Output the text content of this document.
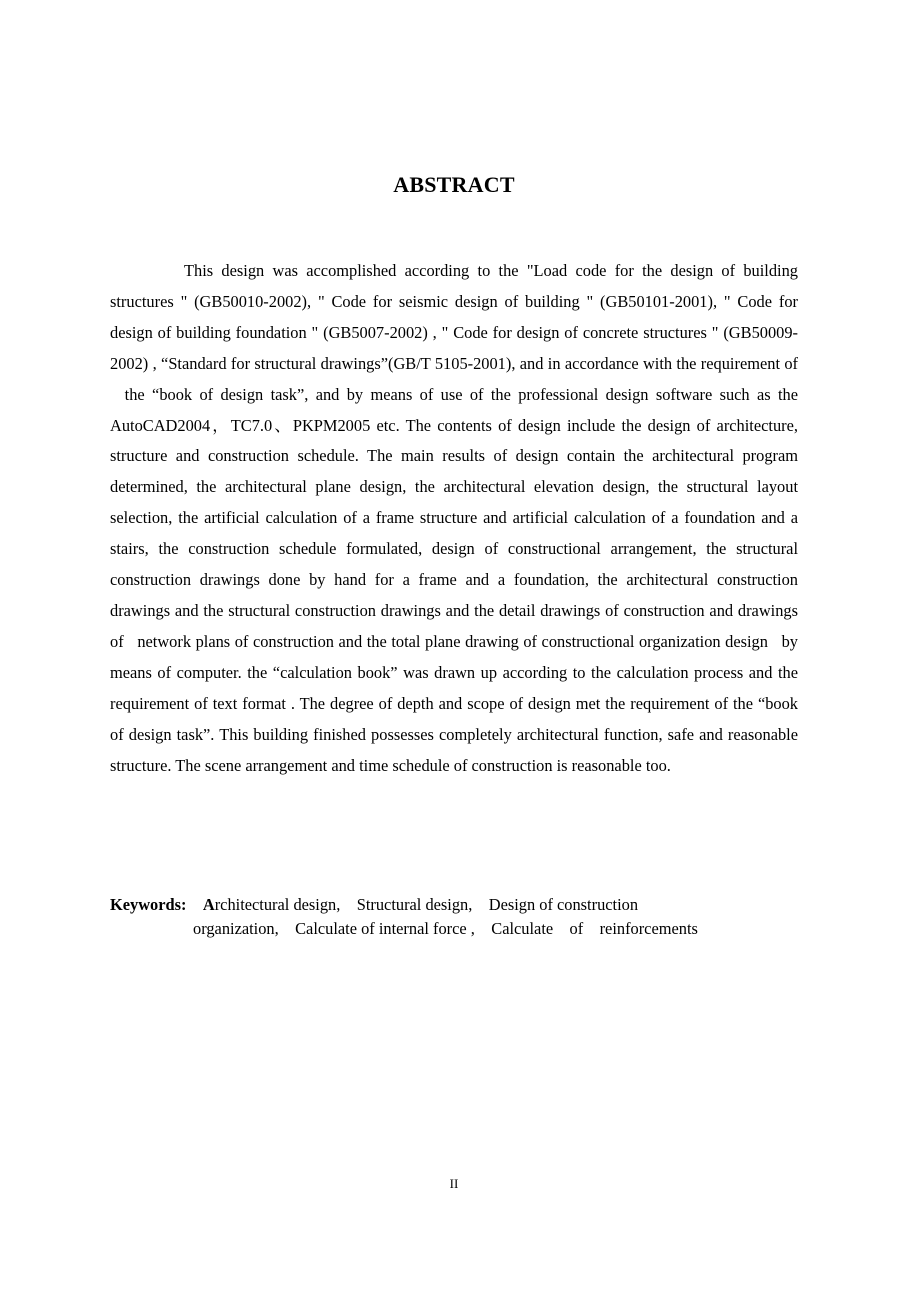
ABSTRACT

This design was accomplished according to the "Load code for the design of building structures " (GB50010-2002), " Code for seismic design of building " (GB50101-2001), " Code for design of building foundation " (GB5007-2002) , " Code for design of concrete structures " (GB50009-2002) , “Standard for structural drawings”(GB/T 5105-2001), and in accordance with the requirement of   the “book of design task”, and by means of use of the professional design software such as the AutoCAD2004，TC7.0、PKPM2005 etc. The contents of design include the design of architecture, structure and construction schedule. The main results of design contain the architectural program determined, the architectural plane design, the architectural elevation design, the structural layout selection, the artificial calculation of a frame structure and artificial calculation of a foundation and a stairs, the construction schedule formulated, design of constructional arrangement, the structural construction drawings done by hand for a frame and a foundation, the architectural construction drawings and the structural construction drawings and the detail drawings of construction and drawings of   network plans of construction and the total plane drawing of constructional organization design   by means of computer. the “calculation book” was drawn up according to the calculation process and the requirement of text format . The degree of depth and scope of design met the requirement of the “book of design task”. This building finished possesses completely architectural function, safe and reasonable structure. The scene arrangement and time schedule of construction is reasonable too.

Keywords: Architectural design,    Structural design,    Design of construction
organization,    Calculate of internal force ,    Calculate    of    reinforcements

II
